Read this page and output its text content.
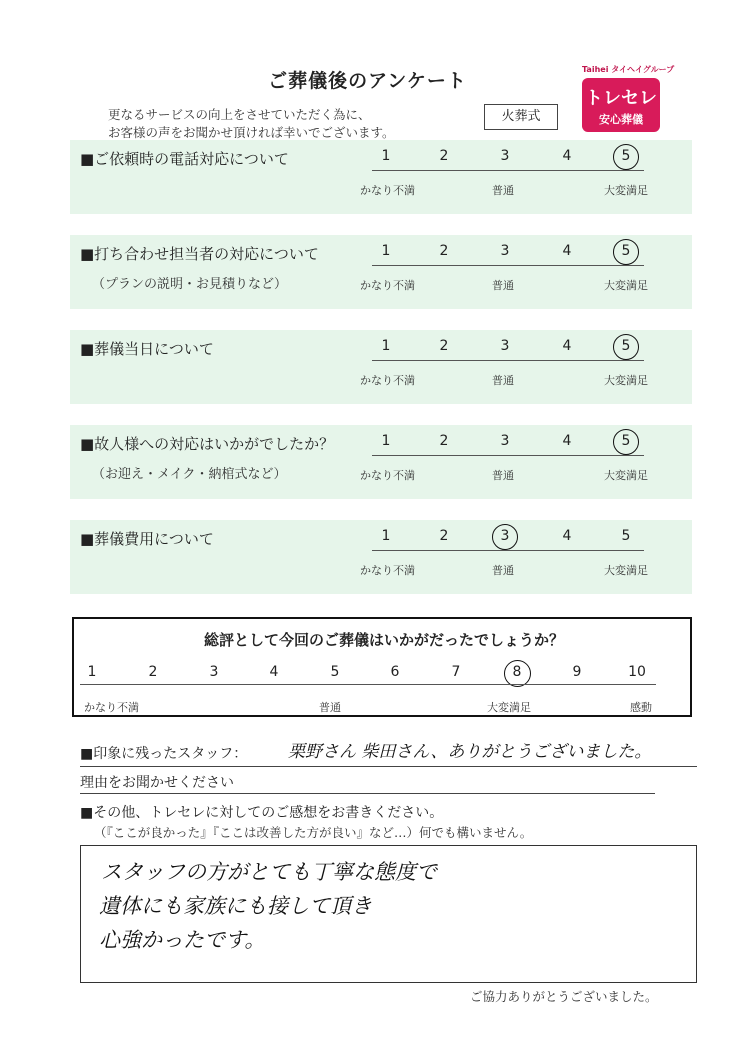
ご葬儀後のアンケート
更なるサービスの向上をさせていただく為に、
お客様の声をお聞かせ頂ければ幸いでございます。
火葬式
Taihei タイヘイグループ
トレセレ
安心葬儀
■ご依頼時の電話対応について	1	2	3	4	5
かなり不満	普通	大変満足
■打ち合わせ担当者の対応について
（プランの説明・お見積りなど）
1	2	3	4	5
かなり不満	普通	大変満足
■葬儀当日について	1	2	3	4	5
かなり不満	普通	大変満足
■故人様への対応はいかがでしたか？
（お迎え・メイク・納棺式など）
1	2	3	4	5
かなり不満	普通	大変満足
■葬儀費用について	1	2	3	4	5
かなり不満	普通	大変満足
総評として今回のご葬儀はいかがだったでしょうか？
1	2	3	4	5	6	7	8	9	10
かなり不満	普通	大変満足	感動
■印象に残ったスタッフ： 栗野さん 柴田さん、ありがとうございました。
理由をお聞かせください
■その他、トレセレに対してのご感想をお書きください。
（『ここが良かった』『ここは改善した方が良い』など…）何でも構いません。
スタッフの方がとても丁寧な態度で
遺体にも家族にも接して頂き
心強かったです。
ご協力ありがとうございました。
